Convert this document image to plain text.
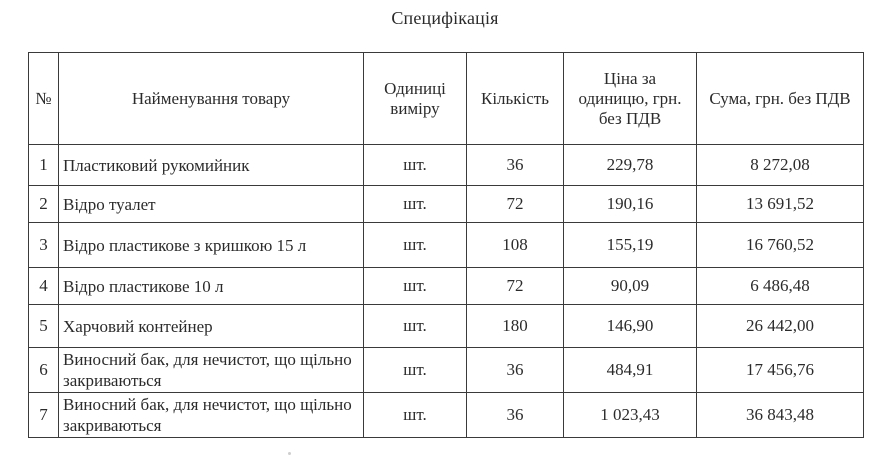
Специфікація
№	Найменування товару	Одиниці виміру	Кількість	Ціна за одиницю, грн. без ПДВ	Сума, грн. без ПДВ
1	Пластиковий рукомийник	шт.	36	229,78	8 272,08
2	Відро туалет	шт.	72	190,16	13 691,52
3	Відро пластикове з кришкою 15 л	шт.	108	155,19	16 760,52
4	Відро пластикове 10 л	шт.	72	90,09	6 486,48
5	Харчовий контейнер	шт.	180	146,90	26 442,00
6	Виносний бак, для нечистот, що щільно закриваються	шт.	36	484,91	17 456,76
7	Виносний бак, для нечистот, що щільно закриваються	шт.	36	1 023,43	36 843,48
